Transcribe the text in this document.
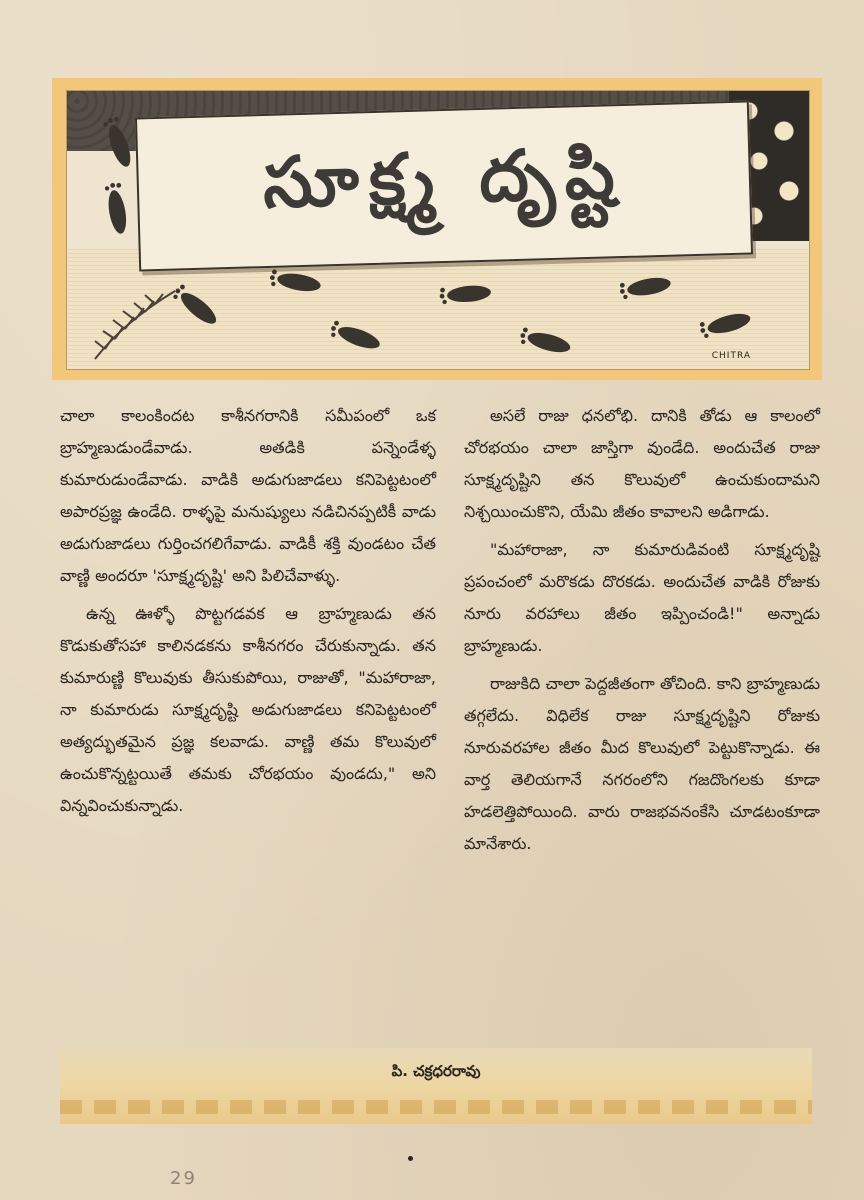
సూక్ష్మ దృష్టి
CHITRA

చాలా కాలంకిందట కాశీనగరానికి సమీపంలో ఒక బ్రాహ్మణుడుండేవాడు. అతడికి పన్నెండేళ్ళ కుమారుడుండేవాడు. వాడికి అడుగుజాడలు కనిపెట్టటంలో అపారప్రజ్ఞ ఉండేది. రాళ్ళపై మనుష్యులు నడిచినప్పటికీ వాడు అడుగుజాడలు గుర్తించగలిగేవాడు. వాడికీ శక్తి వుండటం చేత వాణ్ణి అందరూ 'సూక్ష్మదృష్టి' అని పిలిచేవాళ్ళు.

ఉన్న ఊళ్ళో పొట్టగడవక ఆ బ్రాహ్మణుడు తన కొడుకుతోసహా కాలినడకను కాశీనగరం చేరుకున్నాడు. తన కుమారుణ్ణి కొలువుకు తీసుకుపోయి, రాజుతో, "మహారాజా, నా కుమారుడు సూక్ష్మదృష్టి అడుగుజాడలు కనిపెట్టటంలో అత్యద్భుతమైన ప్రజ్ఞ కలవాడు. వాణ్ణి తమ కొలువులో ఉంచుకొన్నట్టయితే తమకు చోరభయం వుండదు," అని విన్నవించుకున్నాడు.

అసలే రాజు ధనలోభి. దానికి తోడు ఆ కాలంలో చోరభయం చాలా జాస్తిగా వుండేది. అందుచేత రాజు సూక్ష్మదృష్టిని తన కొలువులో ఉంచుకుందామని నిశ్చయించుకొని, యేమి జీతం కావాలని అడిగాడు.

"మహారాజా, నా కుమారుడివంటి సూక్ష్మదృష్టి ప్రపంచంలో మరొకడు దొరకడు. అందుచేత వాడికి రోజుకు నూరు వరహాలు జీతం ఇప్పించండి!" అన్నాడు బ్రాహ్మణుడు.

రాజుకిది చాలా పెద్దజీతంగా తోచింది. కాని బ్రాహ్మణుడు తగ్గలేదు. విధిలేక రాజు సూక్ష్మదృష్టిని రోజుకు నూరువరహాల జీతం మీద కొలువులో పెట్టుకొన్నాడు. ఈ వార్త తెలియగానే నగరంలోని గజదొంగలకు కూడా హడలెత్తిపోయింది. వారు రాజభవనంకేసి చూడటంకూడా మానేశారు.

పి. చక్రధరరావు
29
